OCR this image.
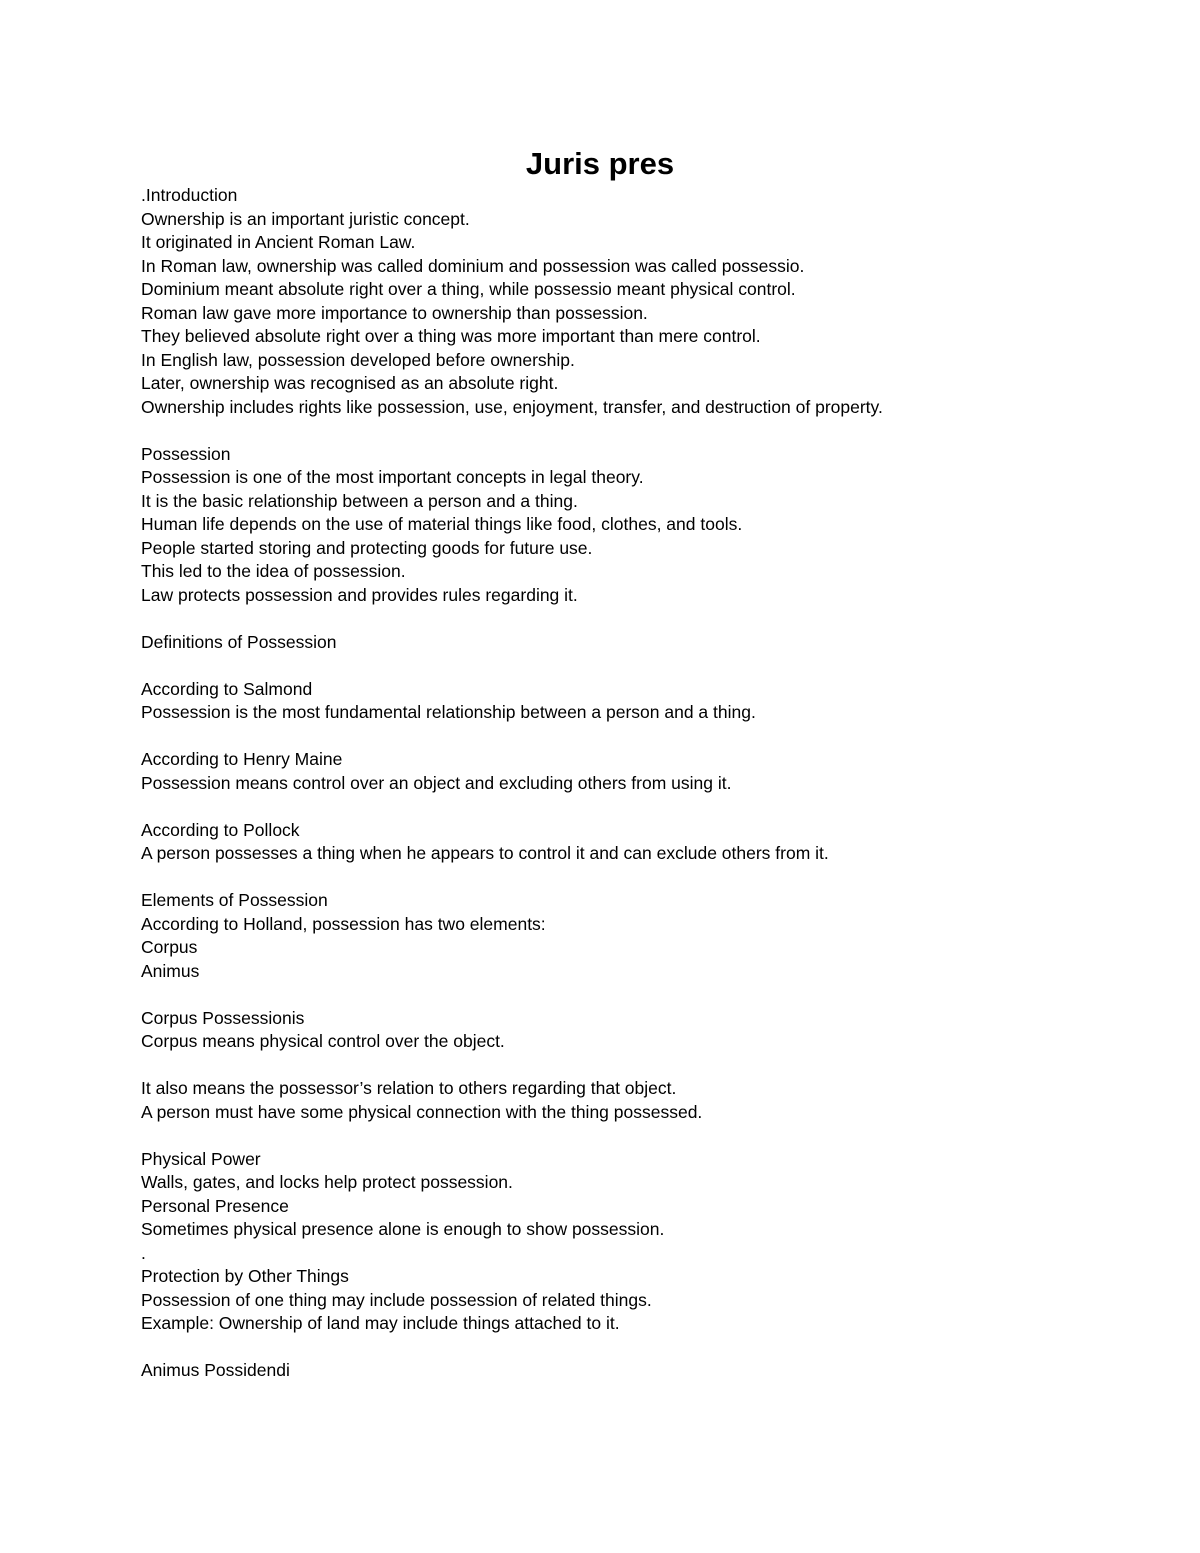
Juris pres
.Introduction
Ownership is an important juristic concept.
It originated in Ancient Roman Law.
In Roman law, ownership was called dominium and possession was called possessio.
Dominium meant absolute right over a thing, while possessio meant physical control.
Roman law gave more importance to ownership than possession.
They believed absolute right over a thing was more important than mere control.
In English law, possession developed before ownership.
Later, ownership was recognised as an absolute right.
Ownership includes rights like possession, use, enjoyment, transfer, and destruction of property.
Possession
Possession is one of the most important concepts in legal theory.
It is the basic relationship between a person and a thing.
Human life depends on the use of material things like food, clothes, and tools.
People started storing and protecting goods for future use.
This led to the idea of possession.
Law protects possession and provides rules regarding it.
Definitions of Possession
According to Salmond
Possession is the most fundamental relationship between a person and a thing.
According to Henry Maine
Possession means control over an object and excluding others from using it.
According to Pollock
A person possesses a thing when he appears to control it and can exclude others from it.
Elements of Possession
According to Holland, possession has two elements:
Corpus
Animus
Corpus Possessionis
Corpus means physical control over the object.
It also means the possessor’s relation to others regarding that object.
A person must have some physical connection with the thing possessed.
Physical Power
Walls, gates, and locks help protect possession.
Personal Presence
Sometimes physical presence alone is enough to show possession.
.
Protection by Other Things
Possession of one thing may include possession of related things.
Example: Ownership of land may include things attached to it.
Animus Possidendi
